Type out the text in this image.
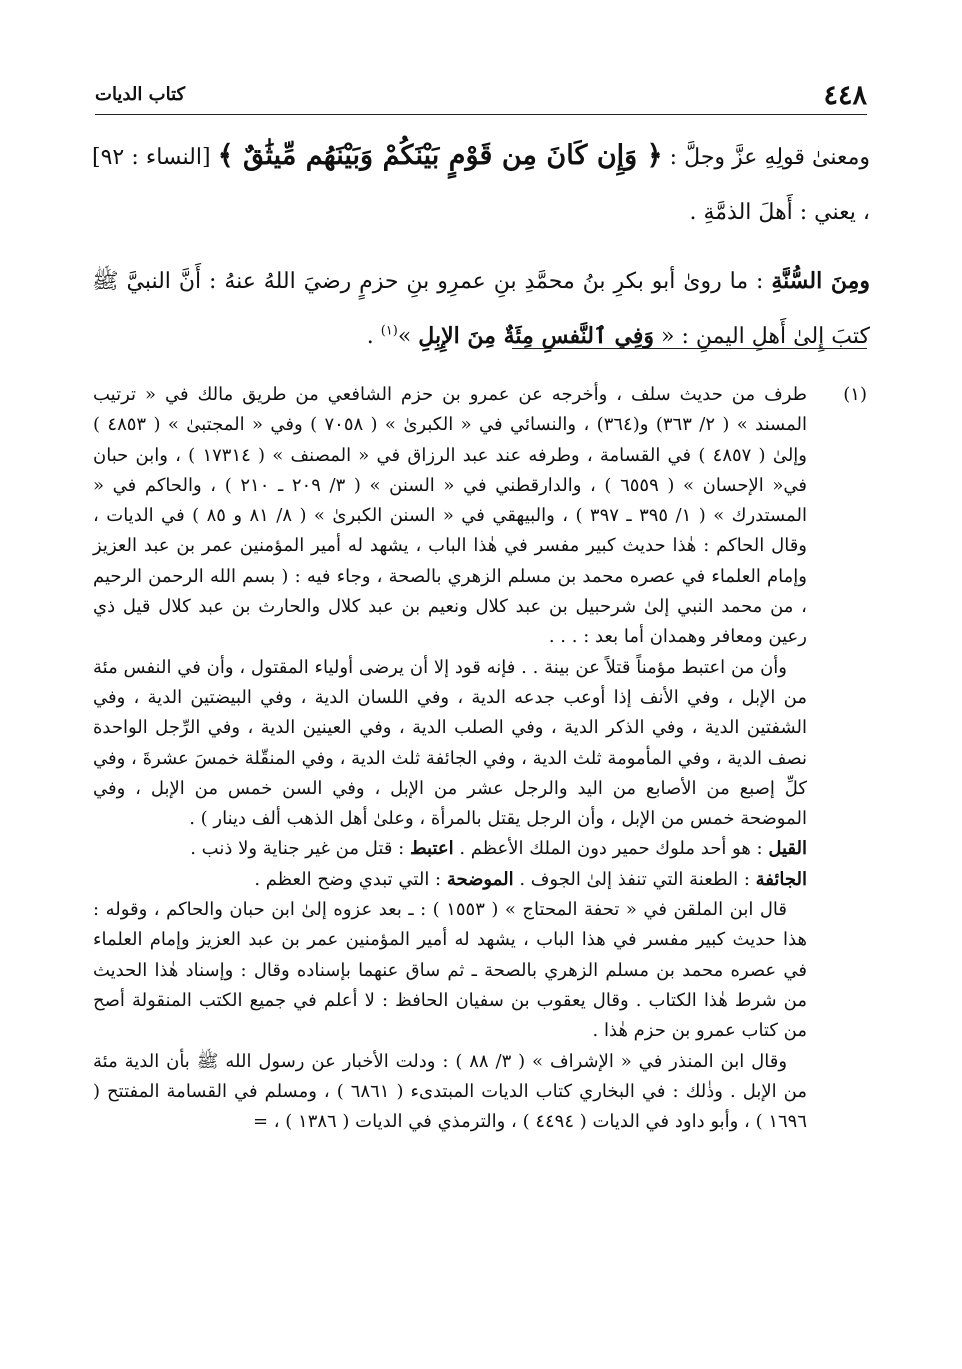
٤٤٨
كتاب الديات

ومعنىٰ قولِهِ عزَّ وجلَّ : ﴿ وَإِن كَانَ مِن قَوْمٍ بَيْنَكُمْ وَبَيْنَهُم مِّيثَٰقٌ ﴾ [النساء : ٩٢] ، يعني : أَهلَ الذمَّةِ .

ومِنَ السُّنَّةِ : ما روىٰ أبو بكرِ بنُ محمَّدِ بنِ عمرِو بنِ حزمٍ رضيَ اللهُ عنهُ : أَنَّ النبيَّ ﷺ كتبَ إِلىٰ أَهلِ اليمنِ : « وَفِي ٱلنَّفسِ مِئَةٌ مِنَ الإِبِلِ »$^{(١)}$ .

(١)

طرف من حديث سلف ، وأخرجه عن عمرو بن حزم الشافعي من طريق مالك في « ترتيب المسند » ( ٢/ ٣٦٣) و(٣٦٤) ، والنسائي في « الكبرىٰ » ( ٧٠٥٨ ) وفي « المجتبىٰ » ( ٤٨٥٣ ) وإلىٰ ( ٤٨٥٧ ) في القسامة ، وطرفه عند عبد الرزاق في « المصنف » ( ١٧٣١٤ ) ، وابن حبان في« الإحسان » ( ٦٥٥٩ ) ، والدارقطني في « السنن » ( ٣/ ٢٠٩ ـ ٢١٠ ) ، والحاكم في « المستدرك » ( ١/ ٣٩٥ ـ ٣٩٧ ) ، والبيهقي في « السنن الكبرىٰ » ( ٨/ ٨١ و ٨٥ ) في الديات ، وقال الحاكم : هٰذا حديث كبير مفسر في هٰذا الباب ، يشهد له أمير المؤمنين عمر بن عبد العزيز وإمام العلماء في عصره محمد بن مسلم الزهري بالصحة ، وجاء فيه : ( بسم الله الرحمن الرحيم ، من محمد النبي إلىٰ شرحبيل بن عبد كلال ونعيم بن عبد كلال والحارث بن عبد كلال قيل ذي رعين ومعافر وهمدان أما بعد : . . .

وأن من اعتبط مؤمناً قتلاً عن بينة . . فإنه قود إلا أن يرضى أولياء المقتول ، وأن في النفس مئة من الإبل ، وفي الأنف إذا أوعب جدعه الدية ، وفي اللسان الدية ، وفي البيضتين الدية ، وفي الشفتين الدية ، وفي الذكر الدية ، وفي الصلب الدية ، وفي العينين الدية ، وفي الرِّجل الواحدة نصف الدية ، وفي المأمومة ثلث الدية ، وفي الجائفة ثلث الدية ، وفي المنقّلة خمسَ عشرةَ ، وفي كلِّ إصبع من الأصابع من اليد والرجل عشر من الإبل ، وفي السن خمس من الإبل ، وفي الموضحة خمس من الإبل ، وأن الرجل يقتل بالمرأة ، وعلىٰ أهل الذهب ألف دينار ) .

القيل : هو أحد ملوك حمير دون الملك الأعظم . اعتبط : قتل من غير جناية ولا ذنب .

الجائفة : الطعنة التي تنفذ إلىٰ الجوف . الموضحة : التي تبدي وضح العظم .

قال ابن الملقن في « تحفة المحتاج » ( ١٥٥٣ ) : ـ بعد عزوه إلىٰ ابن حبان والحاكم ، وقوله : هذا حديث كبير مفسر في هذا الباب ، يشهد له أمير المؤمنين عمر بن عبد العزيز وإمام العلماء في عصره محمد بن مسلم الزهري بالصحة ـ ثم ساق عنهما بإسناده وقال : وإسناد هٰذا الحديث من شرط هٰذا الكتاب . وقال يعقوب بن سفيان الحافظ : لا أعلم في جميع الكتب المنقولة أصح من كتاب عمرو بن حزم هٰذا .

وقال ابن المنذر في « الإشراف » ( ٣/ ٨٨ ) : ودلت الأخبار عن رسول الله ﷺ بأن الدية مئة من الإبل . وذٰلك : في البخاري كتاب الديات المبتدىء ( ٦٨٦١ ) ، ومسلم في القسامة المفتتح ( ١٦٩٦ ) ، وأبو داود في الديات ( ٤٤٩٤ ) ، والترمذي في الديات ( ١٣٨٦ ) ، =
